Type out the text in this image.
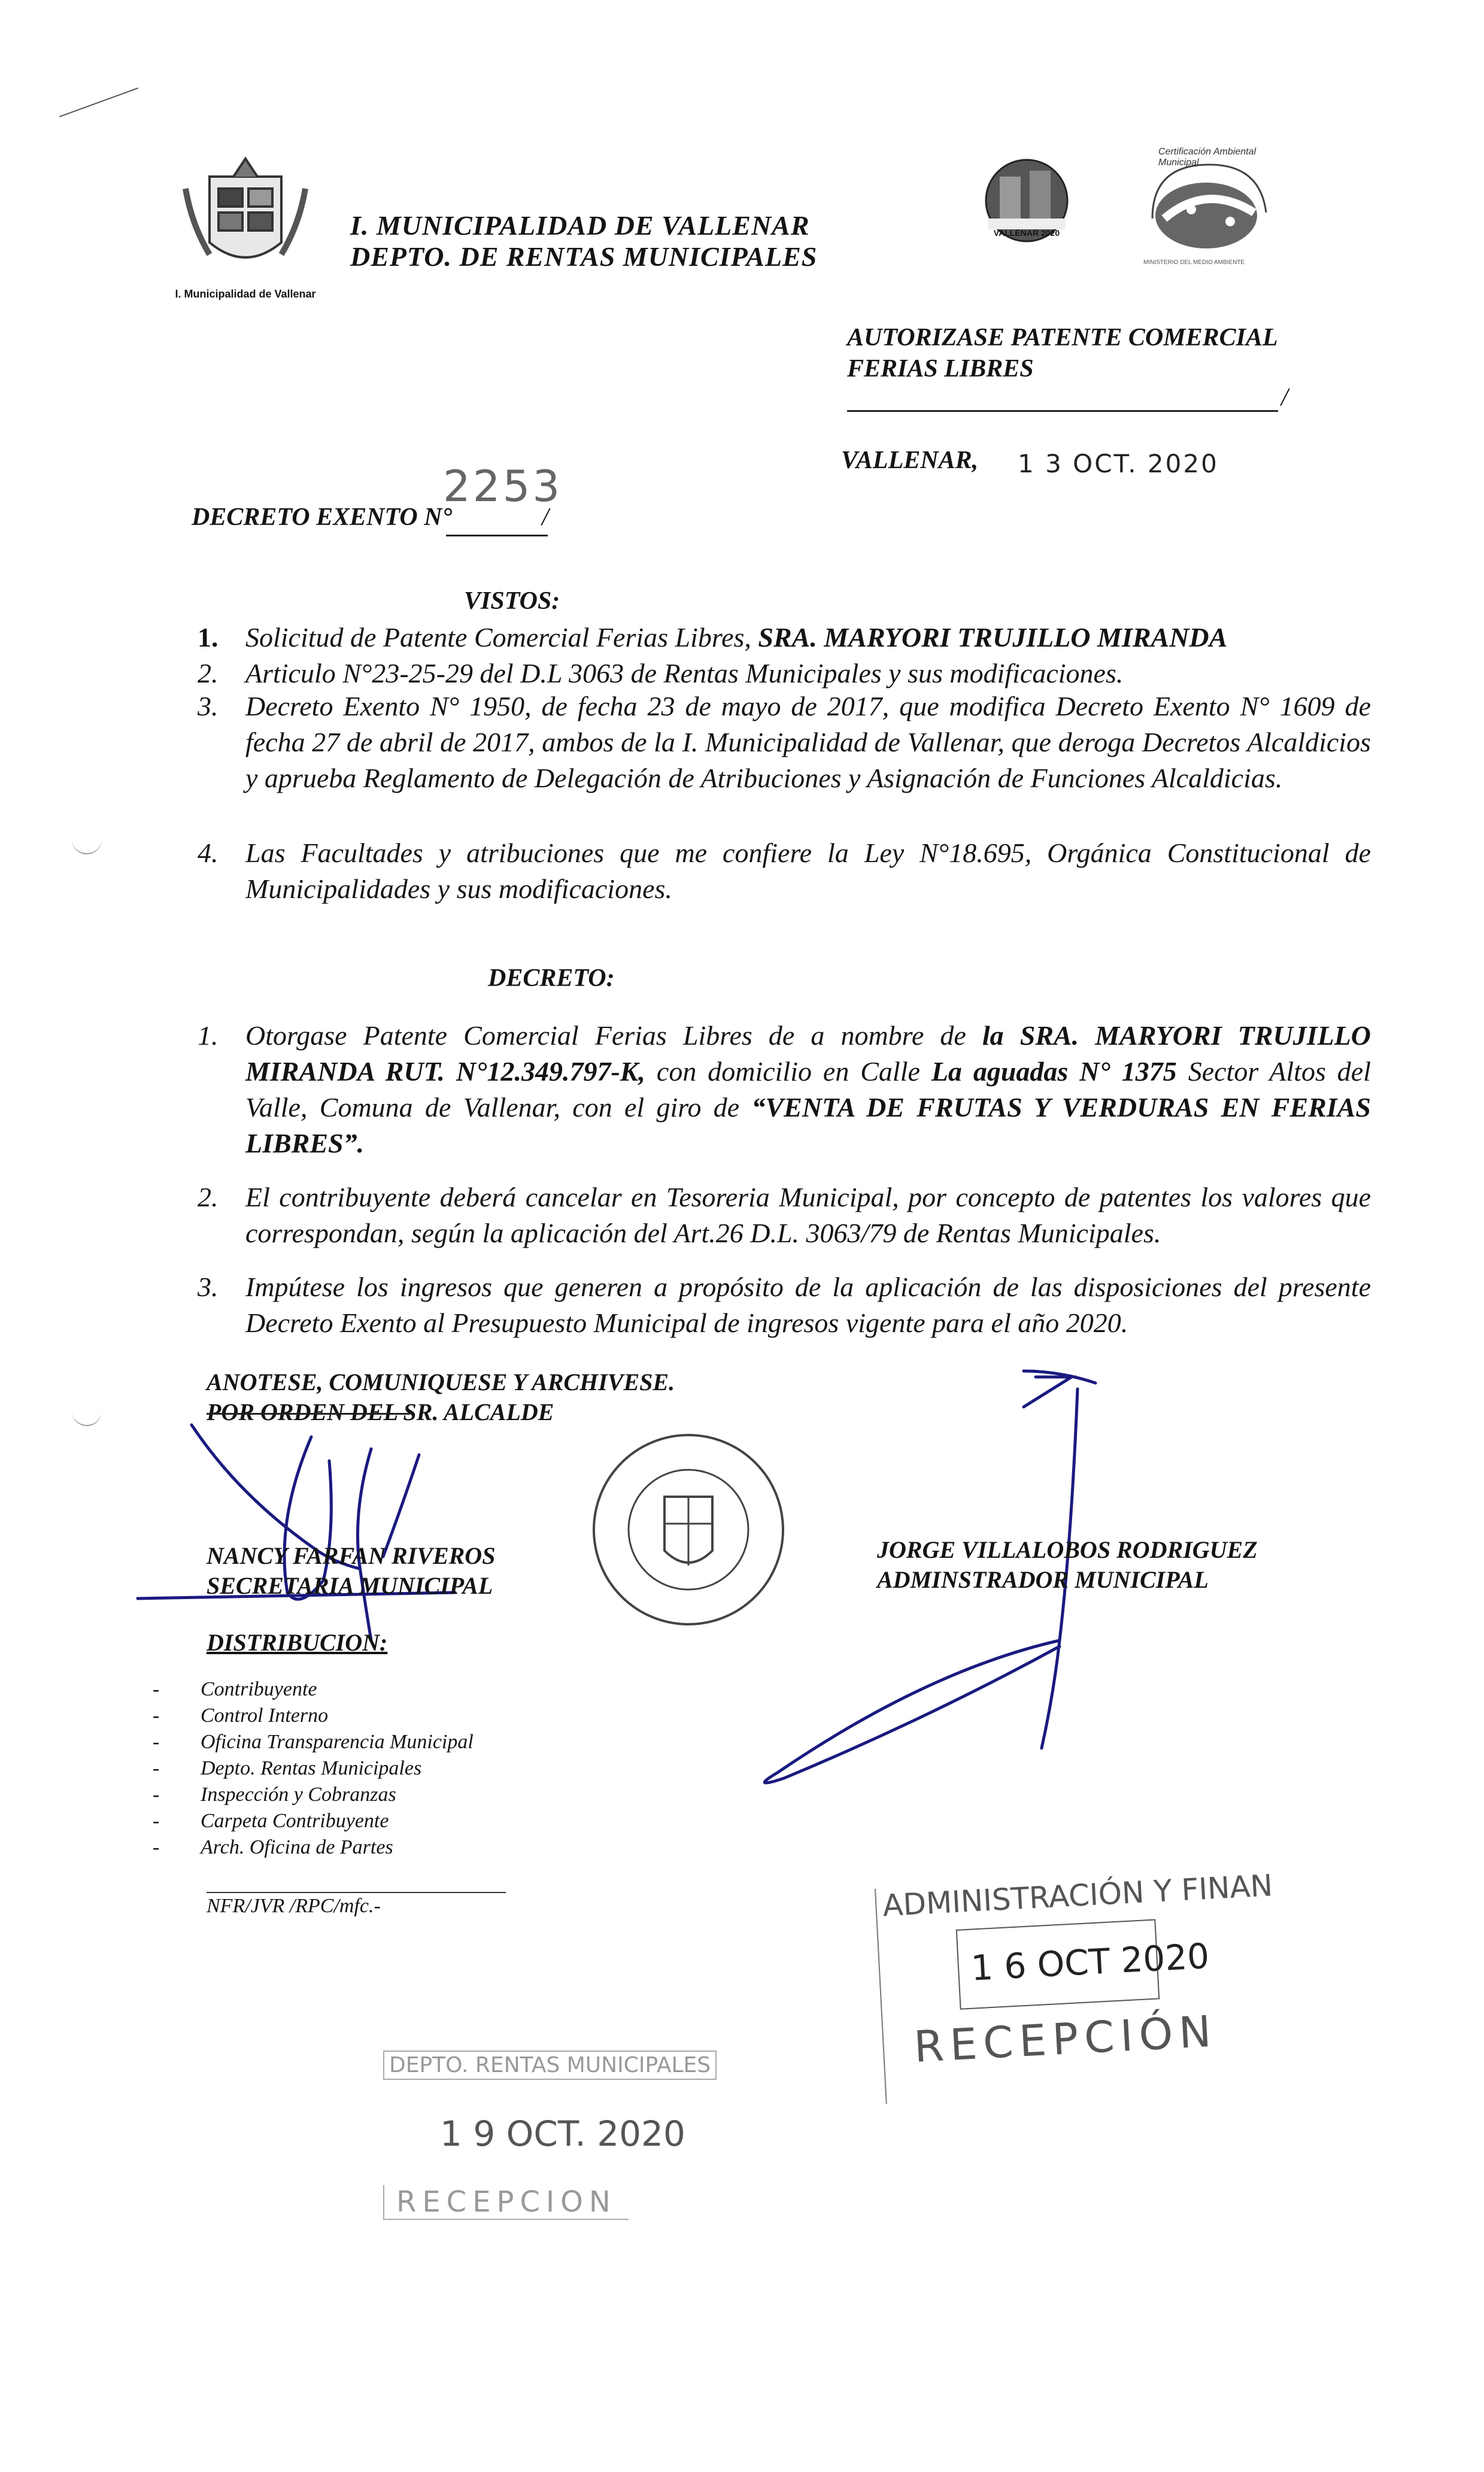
I. Municipalidad de Vallenar
I. MUNICIPALIDAD DE VALLENAR
DEPTO. DE RENTAS MUNICIPALES
VALLENAR 2020
Certificación Ambiental Municipal
MINISTERIO DEL MEDIO AMBIENTE
AUTORIZASE PATENTE COMERCIAL
FERIAS LIBRES
/
VALLENAR, 1 3 OCT. 2020
DECRETO EXENTO N°	/
2253
VISTOS:
1. Solicitud de Patente Comercial Ferias Libres, SRA. MARYORI TRUJILLO MIRANDA
2. Articulo N°23-25-29 del D.L 3063 de Rentas Municipales y sus modificaciones.
3. Decreto Exento N° 1950, de fecha 23 de mayo de 2017, que modifica Decreto Exento N° 1609 de fecha 27 de abril de 2017, ambos de la I. Municipalidad de Vallenar, que deroga Decretos Alcaldicios y aprueba Reglamento de Delegación de Atribuciones y Asignación de Funciones Alcaldicias.
4. Las Facultades y atribuciones que me confiere la Ley N°18.695, Orgánica Constitucional de Municipalidades y sus modificaciones.
DECRETO:
1. Otorgase Patente Comercial Ferias Libres de a nombre de la SRA. MARYORI TRUJILLO MIRANDA RUT. N°12.349.797-K, con domicilio en Calle La aguadas N° 1375 Sector Altos del Valle, Comuna de Vallenar, con el giro de “VENTA DE FRUTAS Y VERDURAS EN FERIAS LIBRES”.
2. El contribuyente deberá cancelar en Tesoreria Municipal, por concepto de patentes los valores que correspondan, según la aplicación del Art.26 D.L. 3063/79 de Rentas Municipales.
3. Impútese los ingresos que generen a propósito de la aplicación de las disposiciones del presente Decreto Exento al Presupuesto Municipal de ingresos vigente para el año 2020.
ANOTESE, COMUNIQUESE Y ARCHIVESE.
POR ORDEN DEL SR. ALCALDE
NANCY FARFAN RIVEROS
SECRETARIA MUNICIPAL
JORGE VILLALOBOS RODRIGUEZ
ADMINSTRADOR MUNICIPAL
DISTRIBUCION:
- Contribuyente
- Control Interno
- Oficina Transparencia Municipal
- Depto. Rentas Municipales
- Inspección y Cobranzas
- Carpeta Contribuyente
- Arch. Oficina de Partes
NFR/JVR /RPC/mfc.-	ADMINISTRACIÓN Y FINAN
1 6 OCT 2020
RECEPCIÓN
DEPTO. RENTAS MUNICIPALES
1 9 OCT. 2020
RECEPCION
